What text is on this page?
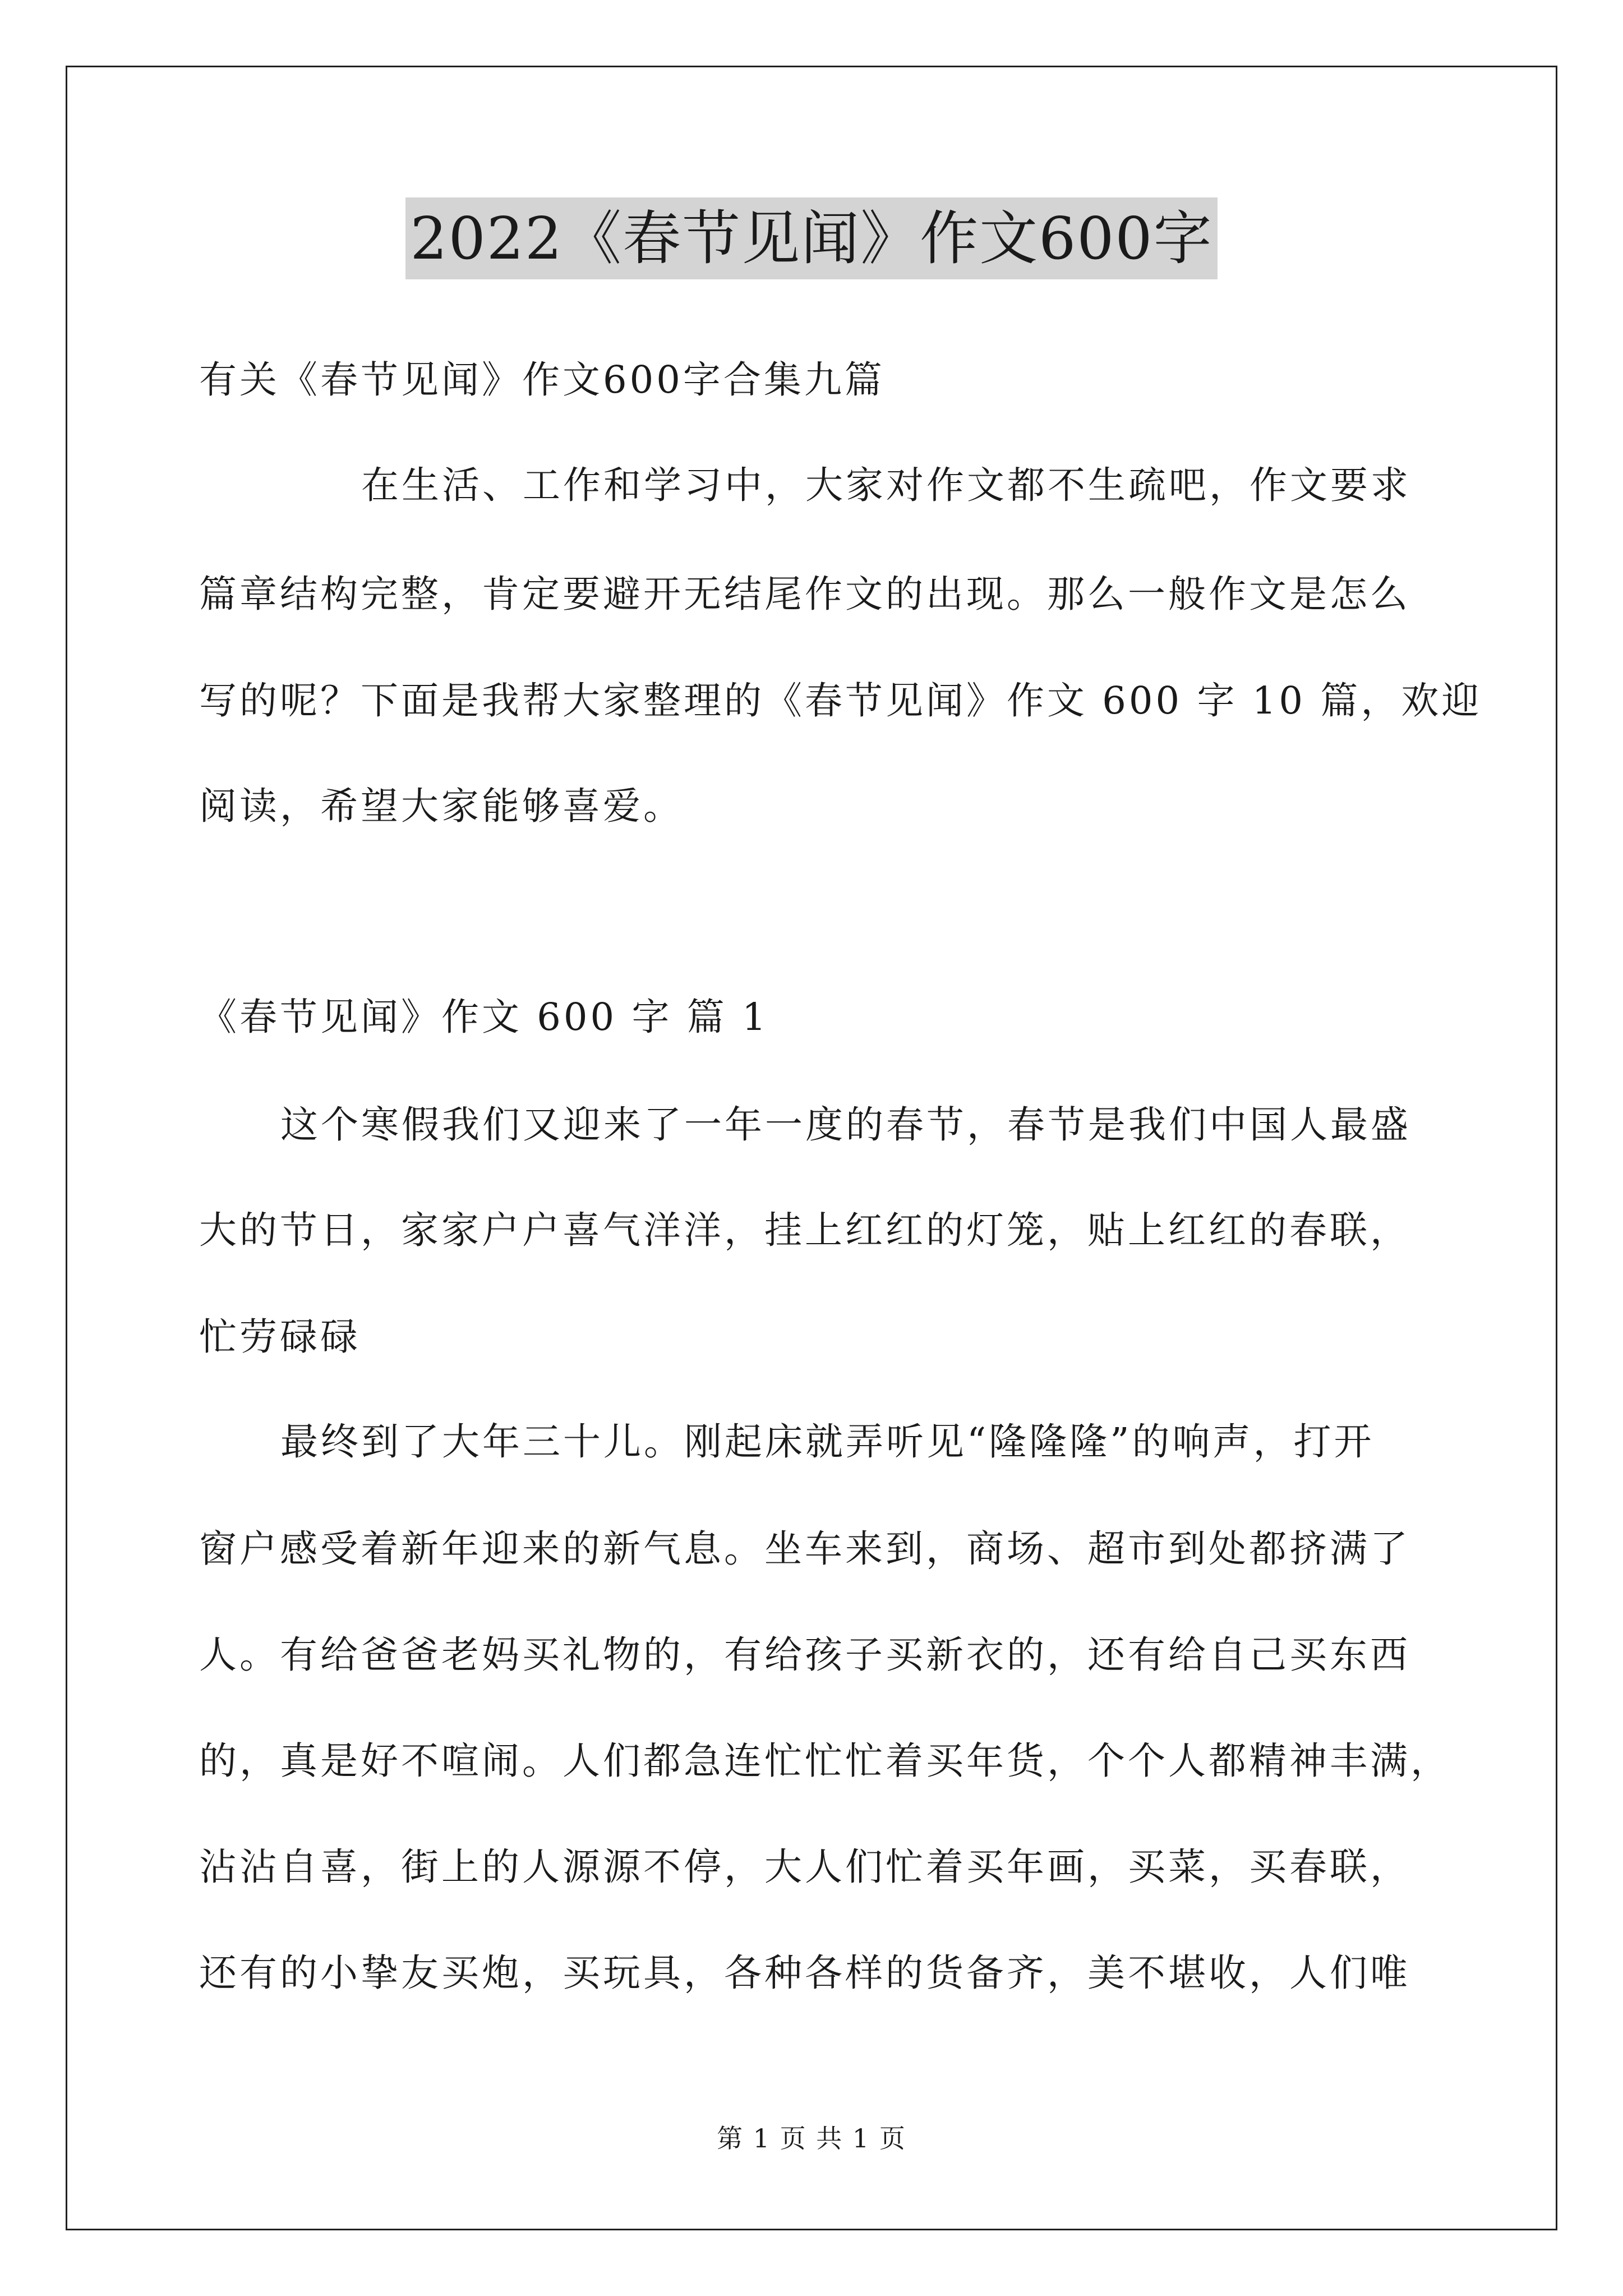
2022《春节见闻》作文600字
有关《春节见闻》作文600字合集九篇
在生活、工作和学习中，大家对作文都不生疏吧，作文要求
篇章结构完整，肯定要避开无结尾作文的出现。那么一般作文是怎么
写的呢？下面是我帮大家整理的《春节见闻》作文 600 字 10 篇，欢迎
阅读，希望大家能够喜爱。
《春节见闻》作文 600 字 篇 1
这个寒假我们又迎来了一年一度的春节，春节是我们中国人最盛
大的节日，家家户户喜气洋洋，挂上红红的灯笼，贴上红红的春联，
忙劳碌碌
最终到了大年三十儿。刚起床就弄听见“隆隆隆”的响声，打开
窗户感受着新年迎来的新气息。坐车来到，商场、超市到处都挤满了
人。有给爸爸老妈买礼物的，有给孩子买新衣的，还有给自己买东西
的，真是好不喧闹。人们都急连忙忙忙着买年货，个个人都精神丰满，
沾沾自喜，街上的人源源不停，大人们忙着买年画，买菜，买春联，
还有的小挚友买炮，买玩具，各种各样的货备齐，美不堪收，人们唯
第 1 页 共 1 页
